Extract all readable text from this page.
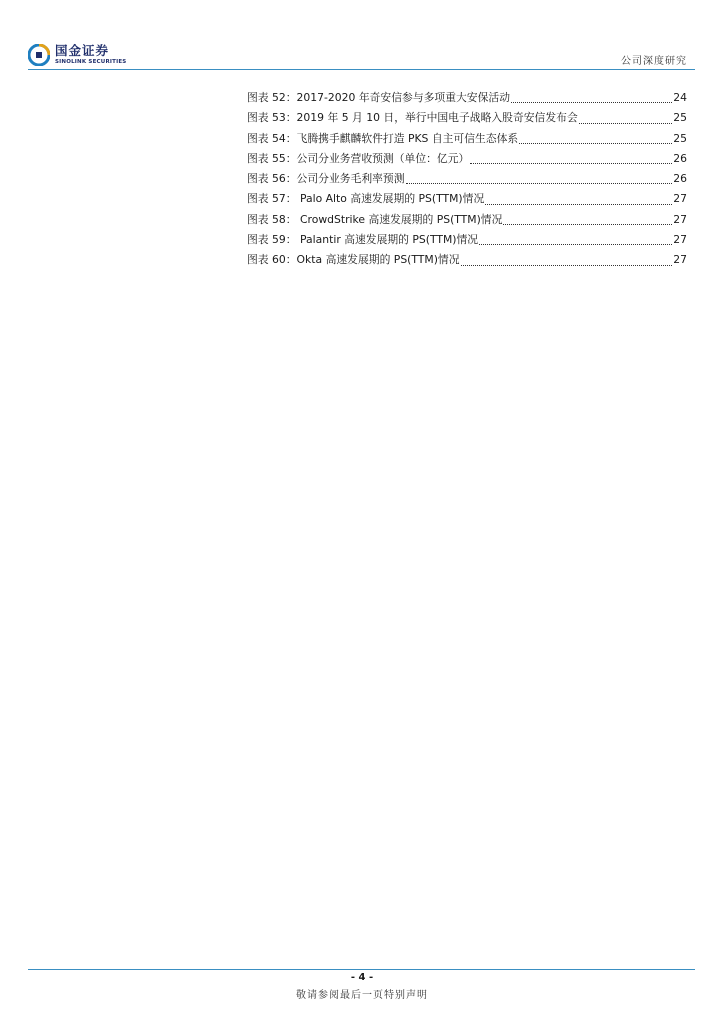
国金证券
SINOLINK SECURITIES	公司深度研究
图表 52：2017-2020 年奇安信参与多项重大安保活动	24
图表 53：2019 年 5 月 10 日，举行中国电子战略入股奇安信发布会	25
图表 54：飞腾携手麒麟软件打造 PKS 自主可信生态体系	25
图表 55：公司分业务营收预测（单位：亿元）	26
图表 56：公司分业务毛利率预测	26
图表 57： Palo Alto 高速发展期的 PS(TTM)情况	27
图表 58： CrowdStrike 高速发展期的 PS(TTM)情况	27
图表 59： Palantir 高速发展期的 PS(TTM)情况	27
图表 60：Okta 高速发展期的 PS(TTM)情况	27
- 4 -
敬请参阅最后一页特别声明
